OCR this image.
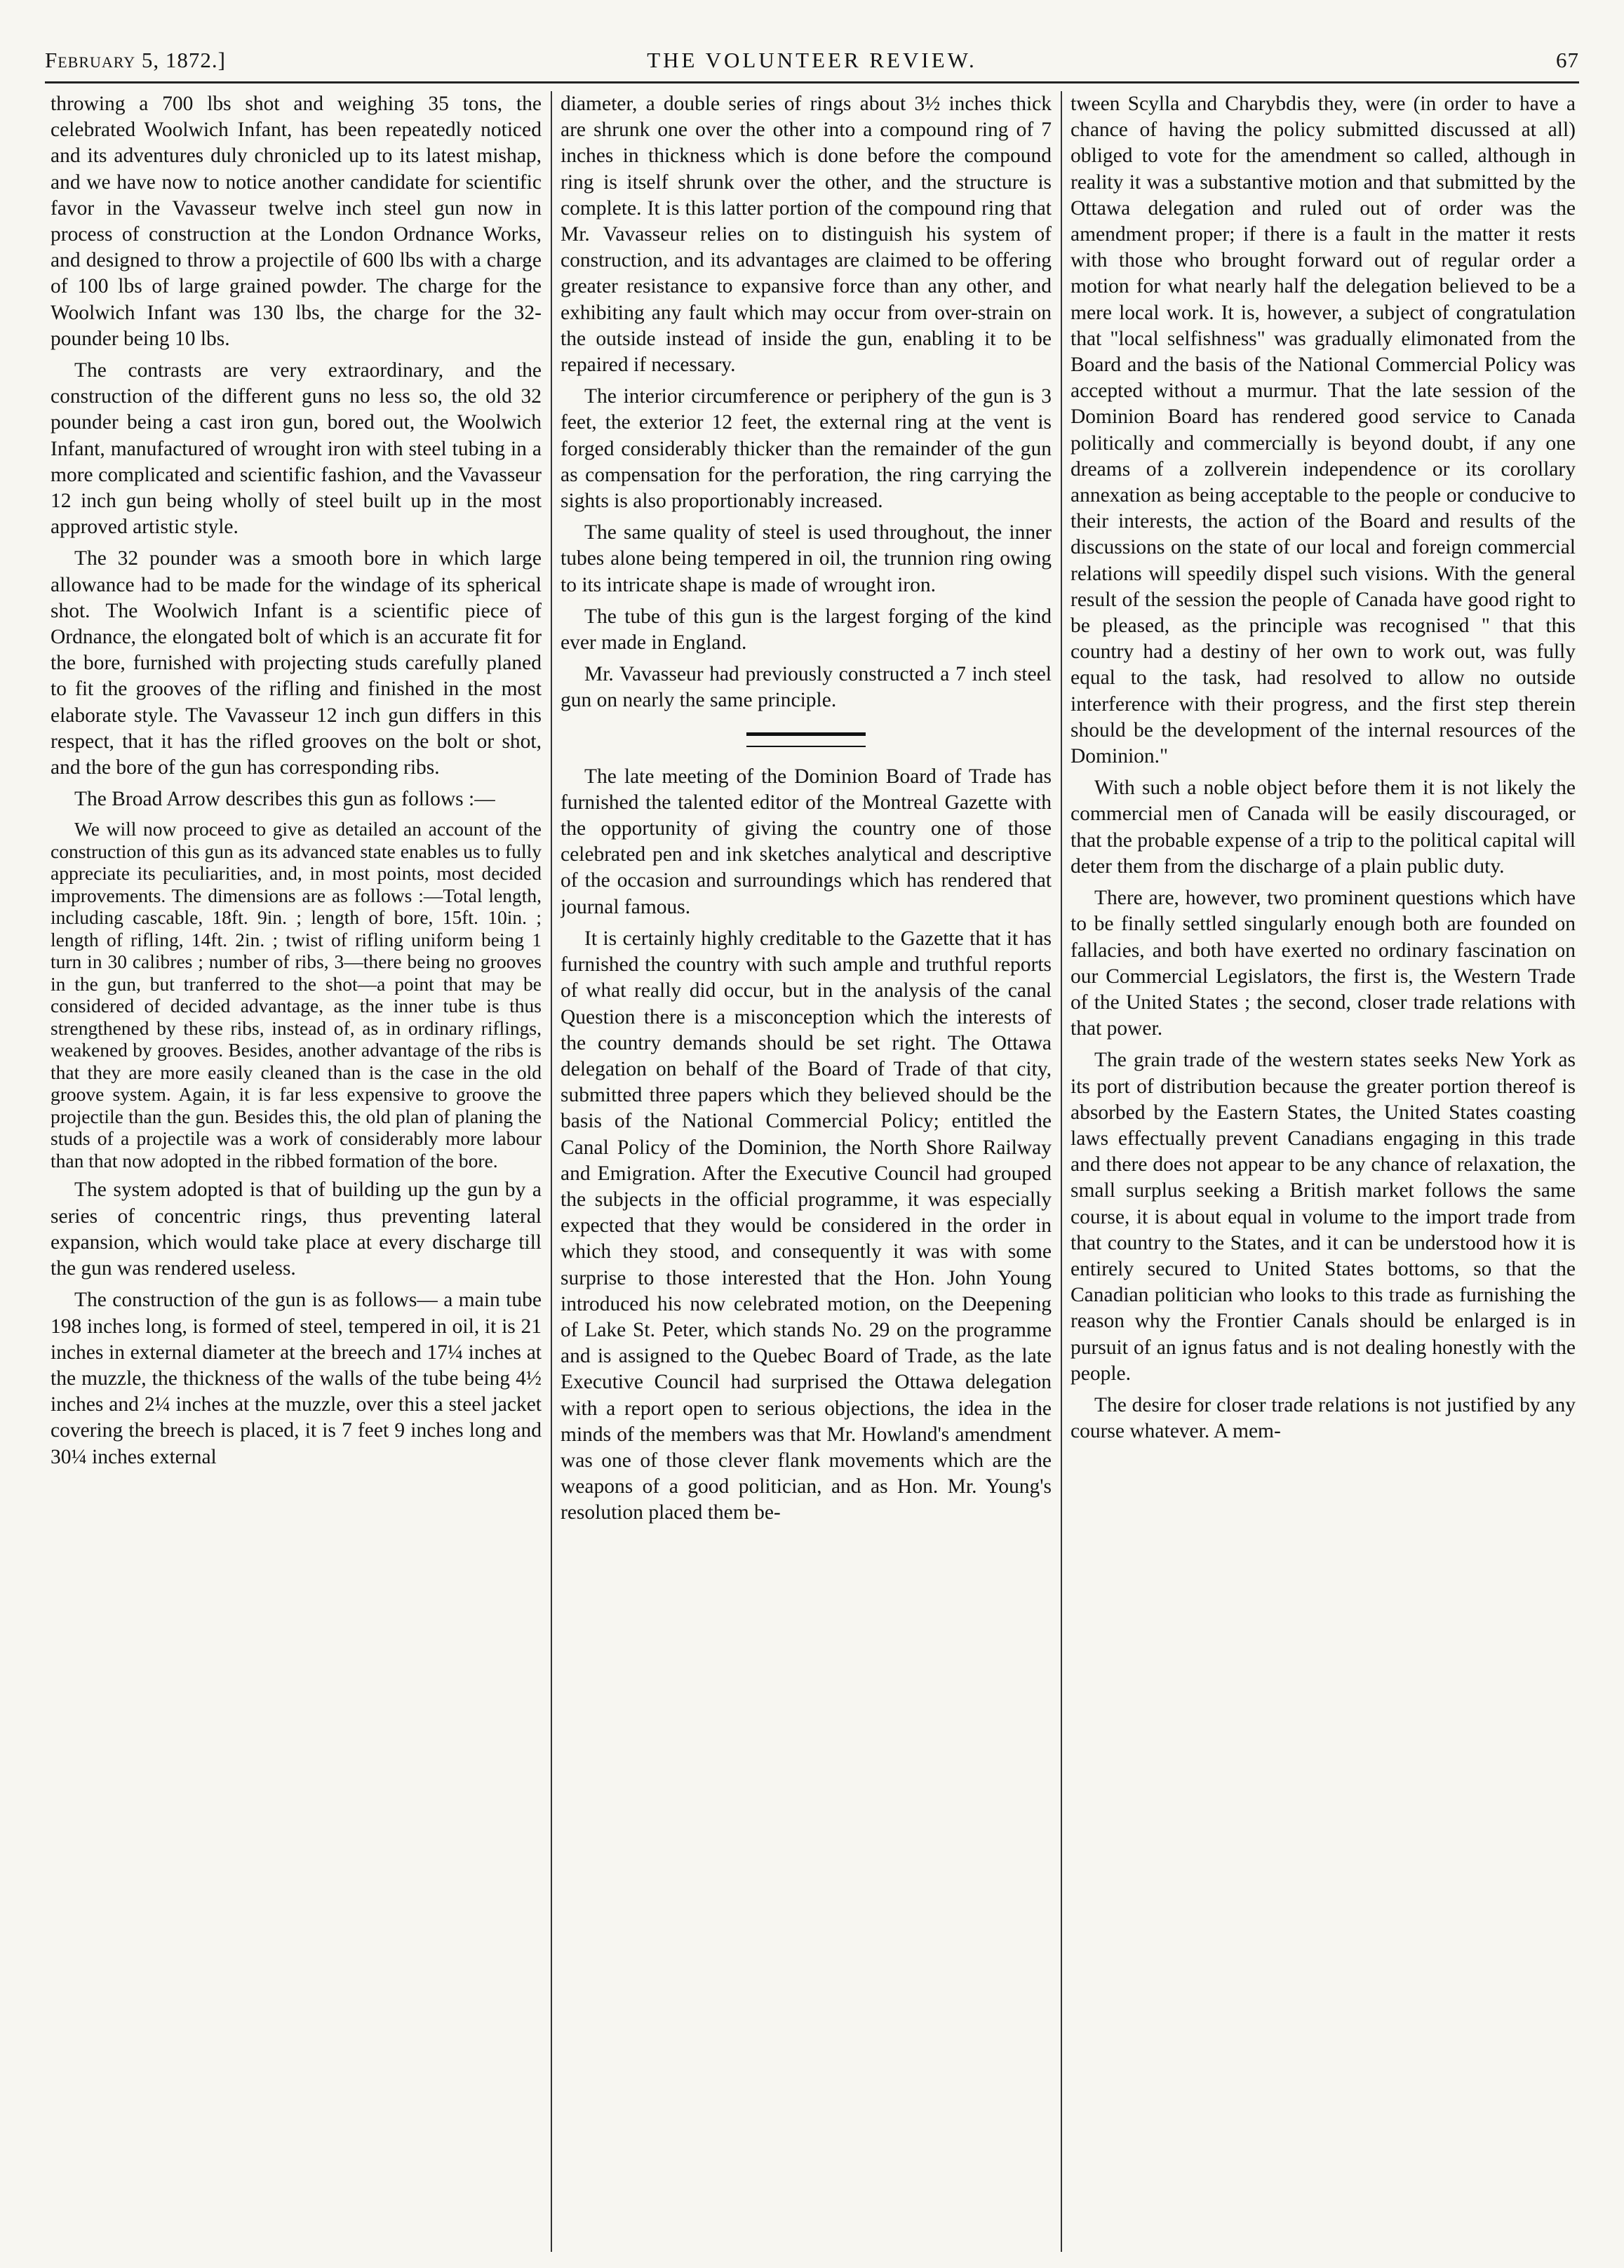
February 5, 1872.]	THE VOLUNTEER REVIEW.	67

throwing a 700 lbs shot and weighing 35 tons, the celebrated Woolwich Infant, has been repeatedly noticed and its adventures duly chronicled up to its latest mishap, and we have now to notice another candidate for scientific favor in the Vavasseur twelve inch steel gun now in process of construction at the London Ordnance Works, and designed to throw a projectile of 600 lbs with a charge of 100 lbs of large grained powder. The charge for the Woolwich Infant was 130 lbs, the charge for the 32-pounder being 10 lbs.

The contrasts are very extraordinary, and the construction of the different guns no less so, the old 32 pounder being a cast iron gun, bored out, the Woolwich Infant, manufactured of wrought iron with steel tubing in a more complicated and scientific fashion, and the Vavasseur 12 inch gun being wholly of steel built up in the most approved artistic style.

The 32 pounder was a smooth bore in which large allowance had to be made for the windage of its spherical shot. The Woolwich Infant is a scientific piece of Ordnance, the elongated bolt of which is an accurate fit for the bore, furnished with projecting studs carefully planed to fit the grooves of the rifling and finished in the most elaborate style. The Vavasseur 12 inch gun differs in this respect, that it has the rifled grooves on the bolt or shot, and the bore of the gun has corresponding ribs.

The Broad Arrow describes this gun as follows :—

We will now proceed to give as detailed an account of the construction of this gun as its advanced state enables us to fully appreciate its peculiarities, and, in most points, most decided improvements. The dimensions are as follows :—Total length, including cascable, 18ft. 9in. ; length of bore, 15ft. 10in. ; length of rifling, 14ft. 2in. ; twist of rifling uniform being 1 turn in 30 calibres ; number of ribs, 3—there being no grooves in the gun, but tranferred to the shot—a point that may be considered of decided advantage, as the inner tube is thus strengthened by these ribs, instead of, as in ordinary riflings, weakened by grooves. Besides, another advantage of the ribs is that they are more easily cleaned than is the case in the old groove system. Again, it is far less expensive to groove the projectile than the gun. Besides this, the old plan of planing the studs of a projectile was a work of considerably more labour than that now adopted in the ribbed formation of the bore.

The system adopted is that of building up the gun by a series of concentric rings, thus preventing lateral expansion, which would take place at every discharge till the gun was rendered useless.

The construction of the gun is as follows— a main tube 198 inches long, is formed of steel, tempered in oil, it is 21 inches in external diameter at the breech and 17¼ inches at the muzzle, the thickness of the walls of the tube being 4½ inches and 2¼ inches at the muzzle, over this a steel jacket covering the breech is placed, it is 7 feet 9 inches long and 30¼ inches external

diameter, a double series of rings about 3½ inches thick are shrunk one over the other into a compound ring of 7 inches in thickness which is done before the compound ring is itself shrunk over the other, and the structure is complete. It is this latter portion of the compound ring that Mr. Vavasseur relies on to distinguish his system of construction, and its advantages are claimed to be offering greater resistance to expansive force than any other, and exhibiting any fault which may occur from over-strain on the outside instead of inside the gun, enabling it to be repaired if necessary.

The interior circumference or periphery of the gun is 3 feet, the exterior 12 feet, the external ring at the vent is forged considerably thicker than the remainder of the gun as compensation for the perforation, the ring carrying the sights is also proportionably increased.

The same quality of steel is used throughout, the inner tubes alone being tempered in oil, the trunnion ring owing to its intricate shape is made of wrought iron.

The tube of this gun is the largest forging of the kind ever made in England.

Mr. Vavasseur had previously constructed a 7 inch steel gun on nearly the same principle.

The late meeting of the Dominion Board of Trade has furnished the talented editor of the Montreal Gazette with the opportunity of giving the country one of those celebrated pen and ink sketches analytical and descriptive of the occasion and surroundings which has rendered that journal famous.

It is certainly highly creditable to the Gazette that it has furnished the country with such ample and truthful reports of what really did occur, but in the analysis of the canal Question there is a misconception which the interests of the country demands should be set right. The Ottawa delegation on behalf of the Board of Trade of that city, submitted three papers which they believed should be the basis of the National Commercial Policy; entitled the Canal Policy of the Dominion, the North Shore Railway and Emigration. After the Executive Council had grouped the subjects in the official programme, it was especially expected that they would be considered in the order in which they stood, and consequently it was with some surprise to those interested that the Hon. John Young introduced his now celebrated motion, on the Deepening of Lake St. Peter, which stands No. 29 on the programme and is assigned to the Quebec Board of Trade, as the late Executive Council had surprised the Ottawa delegation with a report open to serious objections, the idea in the minds of the members was that Mr. Howland's amendment was one of those clever flank movements which are the weapons of a good politician, and as Hon. Mr. Young's resolution placed them be-

tween Scylla and Charybdis they, were (in order to have a chance of having the policy submitted discussed at all) obliged to vote for the amendment so called, although in reality it was a substantive motion and that submitted by the Ottawa delegation and ruled out of order was the amendment proper; if there is a fault in the matter it rests with those who brought forward out of regular order a motion for what nearly half the delegation believed to be a mere local work. It is, however, a subject of congratulation that "local selfishness" was gradually elimonated from the Board and the basis of the National Commercial Policy was accepted without a murmur. That the late session of the Dominion Board has rendered good service to Canada politically and commercially is beyond doubt, if any one dreams of a zollverein independence or its corollary annexation as being acceptable to the people or conducive to their interests, the action of the Board and results of the discussions on the state of our local and foreign commercial relations will speedily dispel such visions. With the general result of the session the people of Canada have good right to be pleased, as the principle was recognised " that this country had a destiny of her own to work out, was fully equal to the task, had resolved to allow no outside interference with their progress, and the first step therein should be the development of the internal resources of the Dominion."

With such a noble object before them it is not likely the commercial men of Canada will be easily discouraged, or that the probable expense of a trip to the political capital will deter them from the discharge of a plain public duty.

There are, however, two prominent questions which have to be finally settled singularly enough both are founded on fallacies, and both have exerted no ordinary fascination on our Commercial Legislators, the first is, the Western Trade of the United States ; the second, closer trade relations with that power.

The grain trade of the western states seeks New York as its port of distribution because the greater portion thereof is absorbed by the Eastern States, the United States coasting laws effectually prevent Canadians engaging in this trade and there does not appear to be any chance of relaxation, the small surplus seeking a British market follows the same course, it is about equal in volume to the import trade from that country to the States, and it can be understood how it is entirely secured to United States bottoms, so that the Canadian politician who looks to this trade as furnishing the reason why the Frontier Canals should be enlarged is in pursuit of an ignus fatus and is not dealing honestly with the people.

The desire for closer trade relations is not justified by any course whatever. A mem-
